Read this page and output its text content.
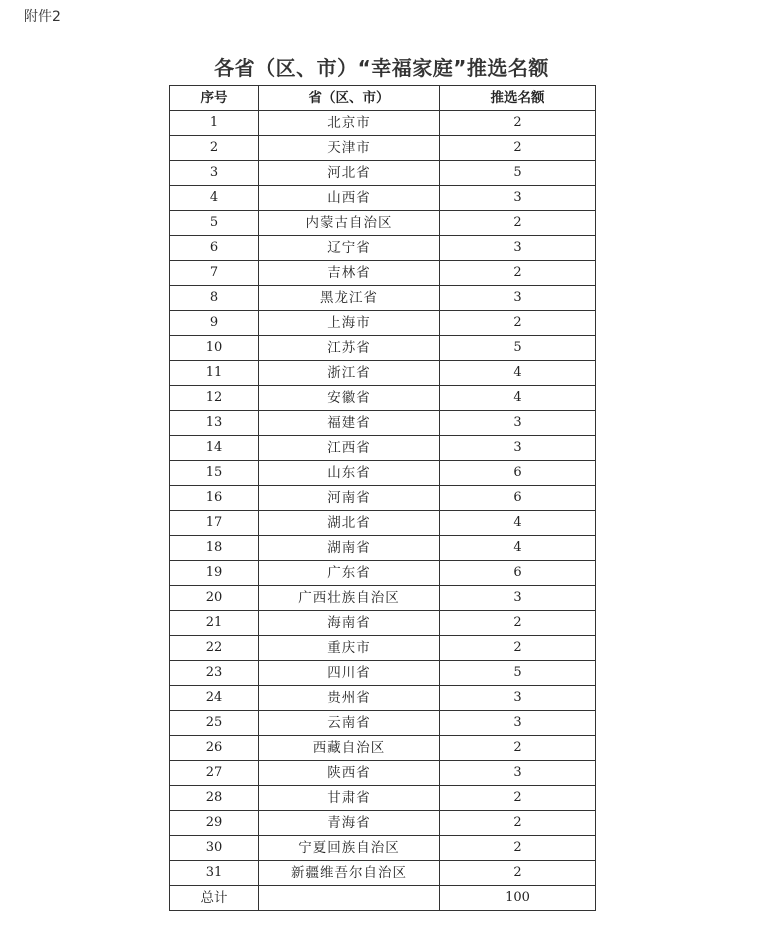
附件2
各省（区、市）“幸福家庭”推选名额
序号	省（区、市）	推选名额
1	北京市	2
2	天津市	2
3	河北省	5
4	山西省	3
5	内蒙古自治区	2
6	辽宁省	3
7	吉林省	2
8	黑龙江省	3
9	上海市	2
10	江苏省	5
11	浙江省	4
12	安徽省	4
13	福建省	3
14	江西省	3
15	山东省	6
16	河南省	6
17	湖北省	4
18	湖南省	4
19	广东省	6
20	广西壮族自治区	3
21	海南省	2
22	重庆市	2
23	四川省	5
24	贵州省	3
25	云南省	3
26	西藏自治区	2
27	陕西省	3
28	甘肃省	2
29	青海省	2
30	宁夏回族自治区	2
31	新疆维吾尔自治区	2
总计		100
